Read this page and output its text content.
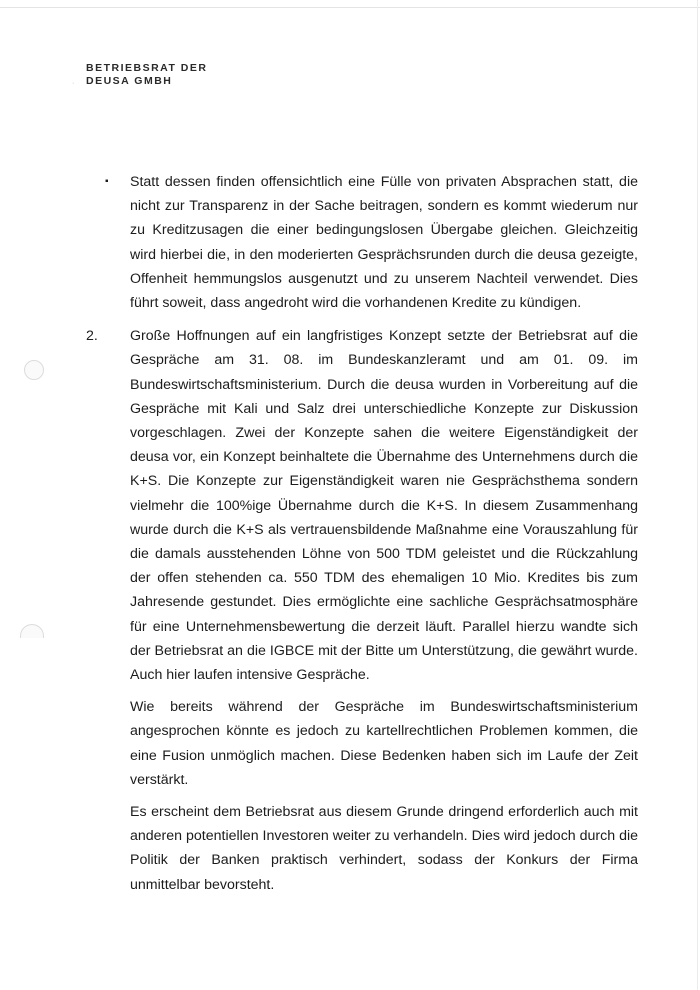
BETRIEBSRAT DER
DEUSA GMBH
·
▪	Statt dessen finden offensichtlich eine Fülle von privaten Absprachen statt, die nicht zur Transparenz in der Sache beitragen, sondern es kommt wiederum nur zu Kreditzusagen die einer bedingungslosen Übergabe gleichen. Gleichzeitig wird hierbei die, in den moderierten Gesprächsrunden durch die deusa gezeigte, Offenheit hemmungslos ausgenutzt und zu unserem Nachteil verwendet. Dies führt soweit, dass angedroht wird die vorhandenen Kredite zu kündigen.

2.	Große Hoffnungen auf ein langfristiges Konzept setzte der Betriebsrat auf die Gespräche am 31. 08. im Bundeskanzleramt und am 01. 09. im Bundeswirtschaftsministerium. Durch die deusa wurden in Vorbereitung auf die Gespräche mit Kali und Salz drei unterschiedliche Konzepte zur Diskussion vorgeschlagen. Zwei der Konzepte sahen die weitere Eigenständigkeit der deusa vor, ein Konzept beinhaltete die Übernahme des Unternehmens durch die K+S. Die Konzepte zur Eigenständigkeit waren nie Gesprächsthema sondern vielmehr die 100%ige Übernahme durch die K+S. In diesem Zusammenhang wurde durch die K+S als vertrauensbildende Maßnahme eine Vorauszahlung für die damals ausstehenden Löhne von 500 TDM geleistet und die Rückzahlung der offen stehenden ca. 550 TDM des ehemaligen 10 Mio. Kredites bis zum Jahresende gestundet. Dies ermöglichte eine sachliche Gesprächsatmosphäre für eine Unternehmensbewertung die derzeit läuft. Parallel hierzu wandte sich der Betriebsrat an die IGBCE mit der Bitte um Unterstützung, die gewährt wurde. Auch hier laufen intensive Gespräche.

Wie bereits während der Gespräche im Bundeswirtschaftsministerium angesprochen könnte es jedoch zu kartellrechtlichen Problemen kommen, die eine Fusion unmöglich machen. Diese Bedenken haben sich im Laufe der Zeit verstärkt.

Es erscheint dem Betriebsrat aus diesem Grunde dringend erforderlich auch mit anderen potentiellen Investoren weiter zu verhandeln. Dies wird jedoch durch die Politik der Banken praktisch verhindert, sodass der Konkurs der Firma unmittelbar bevorsteht.
